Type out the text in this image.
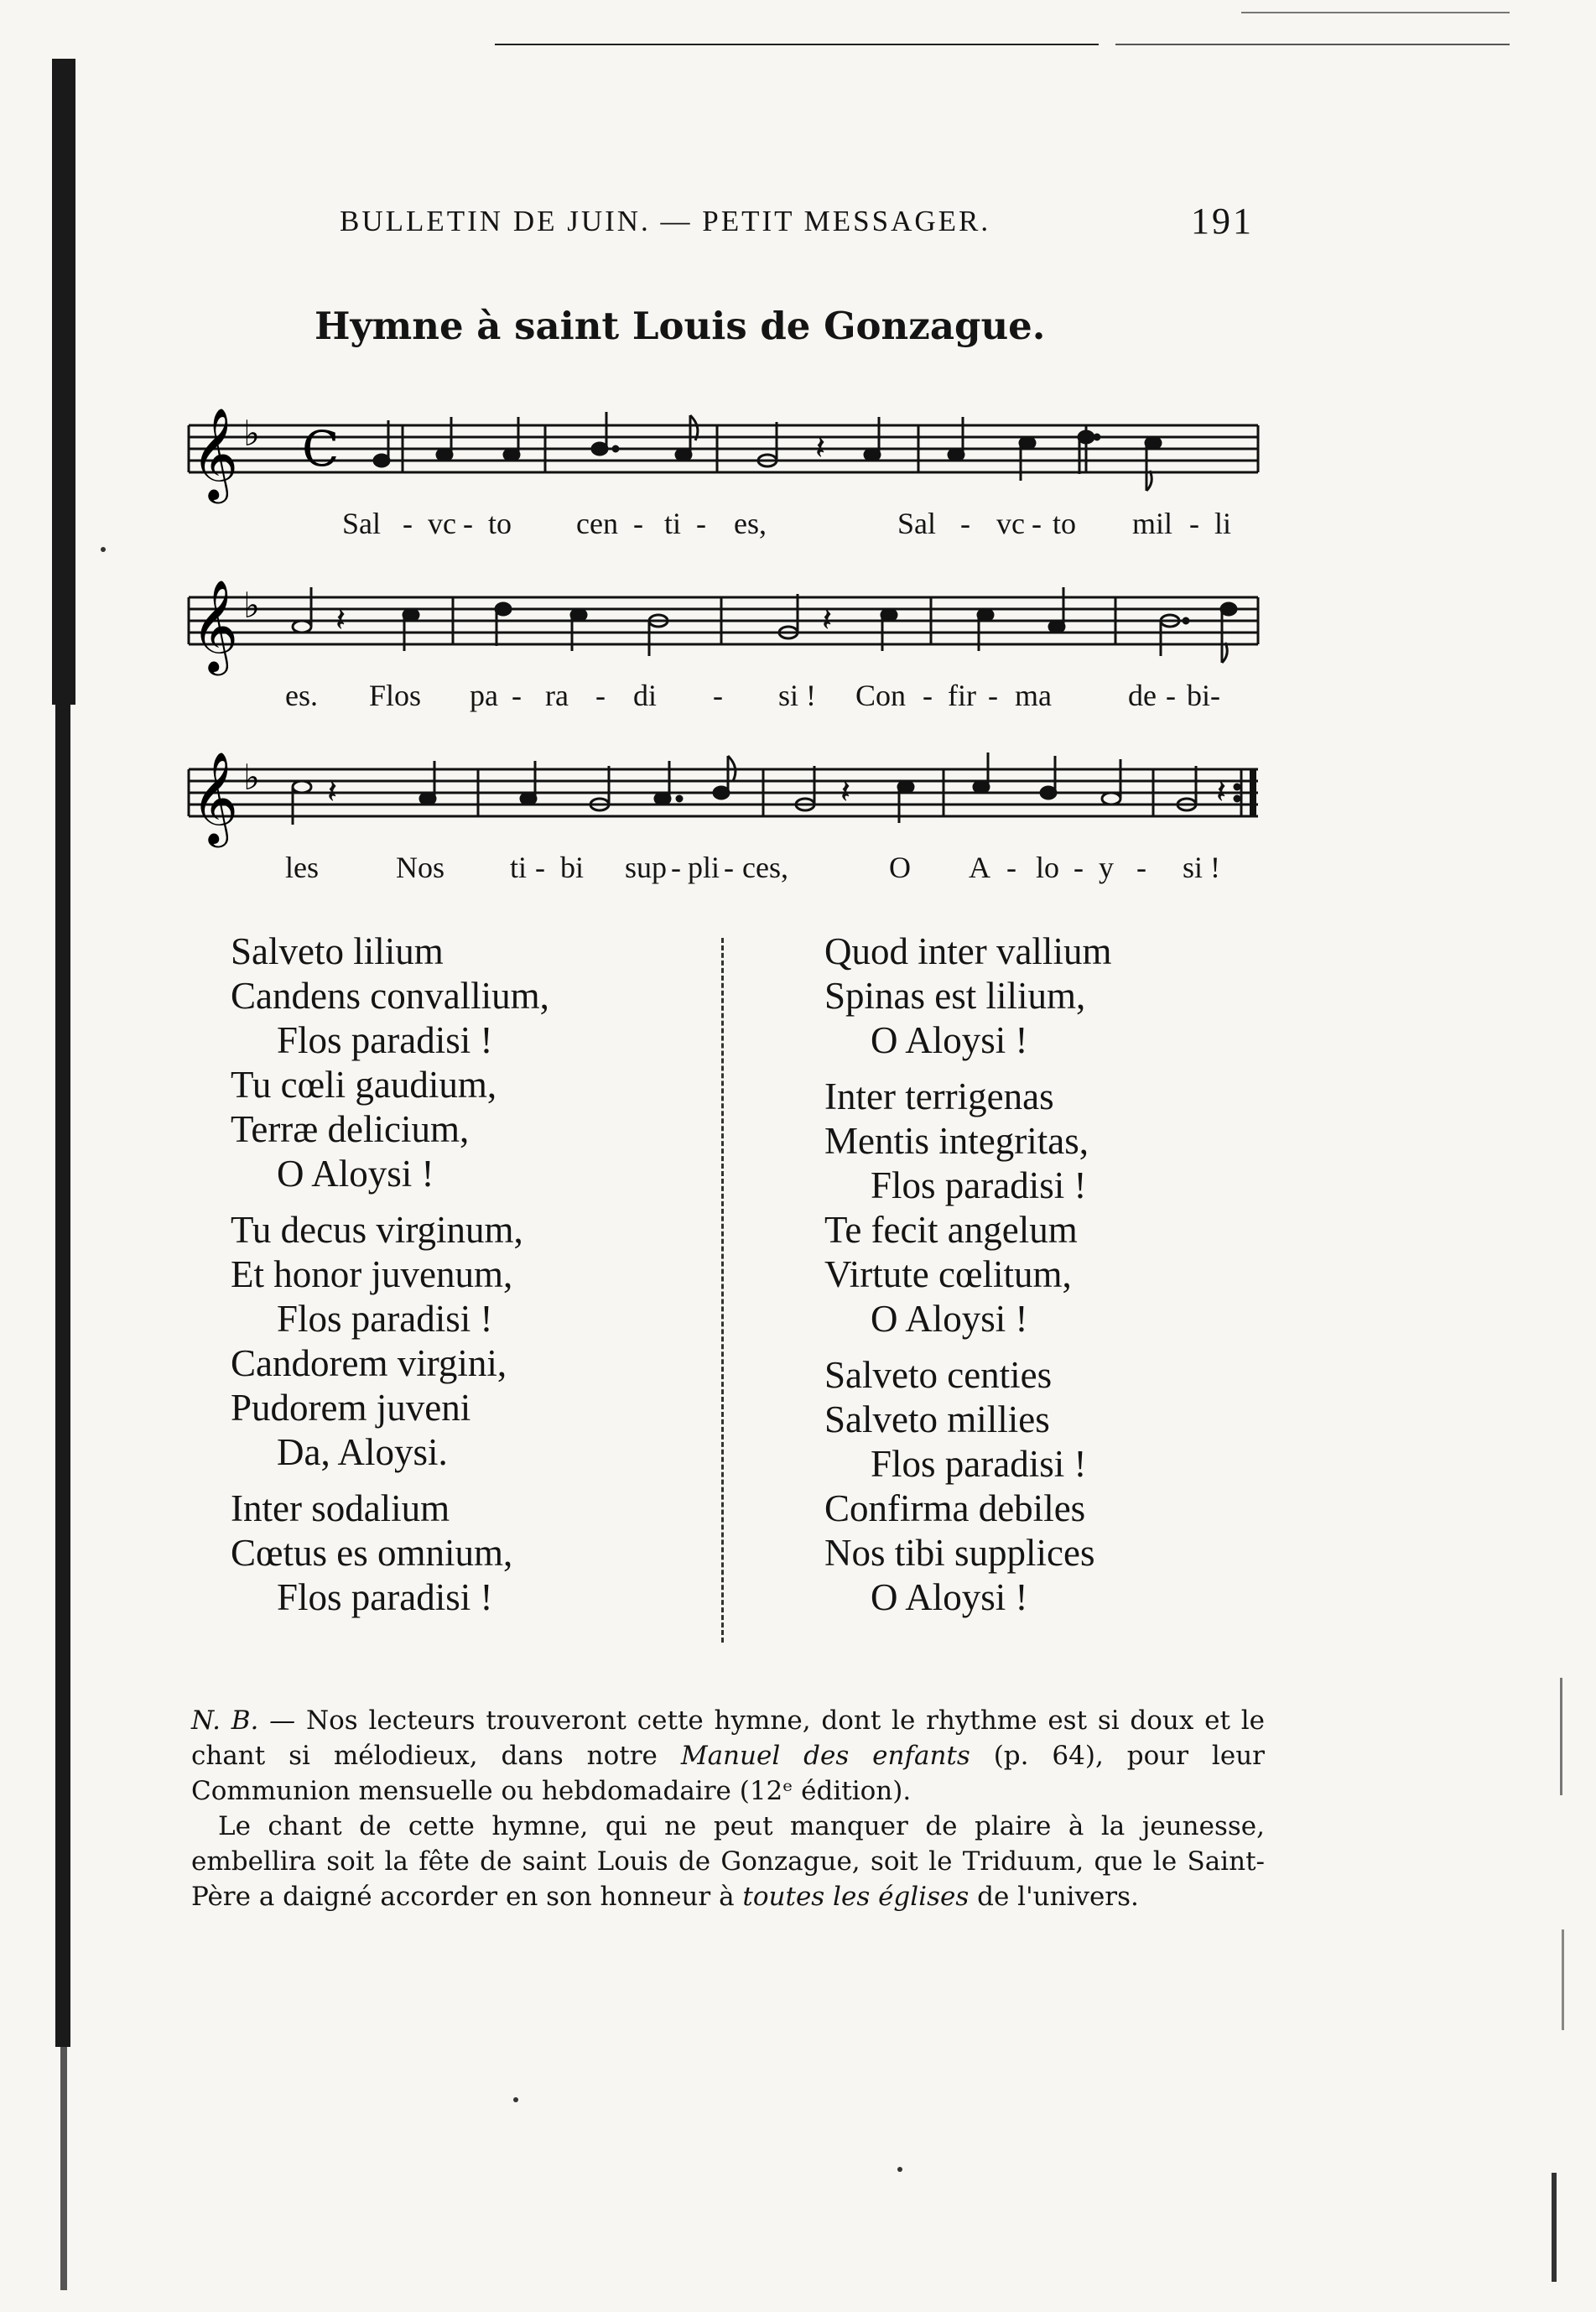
BULLETIN DE JUIN. — PETIT MESSAGER.	191
Hymne à saint Louis de Gonzague.
𝄞 ♭ C	𝄽
Sal - vc - to cen - ti - es,	Sal - vc - to mil - li
𝄞 ♭ 𝄽	𝄽
es. Flos pa - ra - di - si ! Con - fir - ma	de - bi-
𝄞 ♭ 𝄽	𝄽	𝄽
les	Nos ti - bi sup - pli - ces,	O A - lo - y - si !
Salveto lilium
Candens convallium,
Flos paradisi !
Tu cœli gaudium,
Terræ delicium,
O Aloysi !
Tu decus virginum,
Et honor juvenum,
Flos paradisi !
Candorem virgini,
Pudorem juveni
Da, Aloysi.
Inter sodalium
Cœtus es omnium,
Flos paradisi !
Quod inter vallium
Spinas est lilium,
O Aloysi !
Inter terrigenas
Mentis integritas,
Flos paradisi !
Te fecit angelum
Virtute cœlitum,
O Aloysi !
Salveto centies
Salveto millies
Flos paradisi !
Confirma debiles
Nos tibi supplices
O Aloysi !

N. B. — Nos lecteurs trouveront cette hymne, dont le rhythme est si doux et le chant si mélodieux, dans notre Manuel des enfants (p. 64), pour leur Communion mensuelle ou hebdomadaire (12ᵉ édition).

Le chant de cette hymne, qui ne peut manquer de plaire à la jeunesse, embellira soit la fête de saint Louis de Gonzague, soit le Triduum, que le Saint-Père a daigné accorder en son honneur à toutes les églises de l'univers.
